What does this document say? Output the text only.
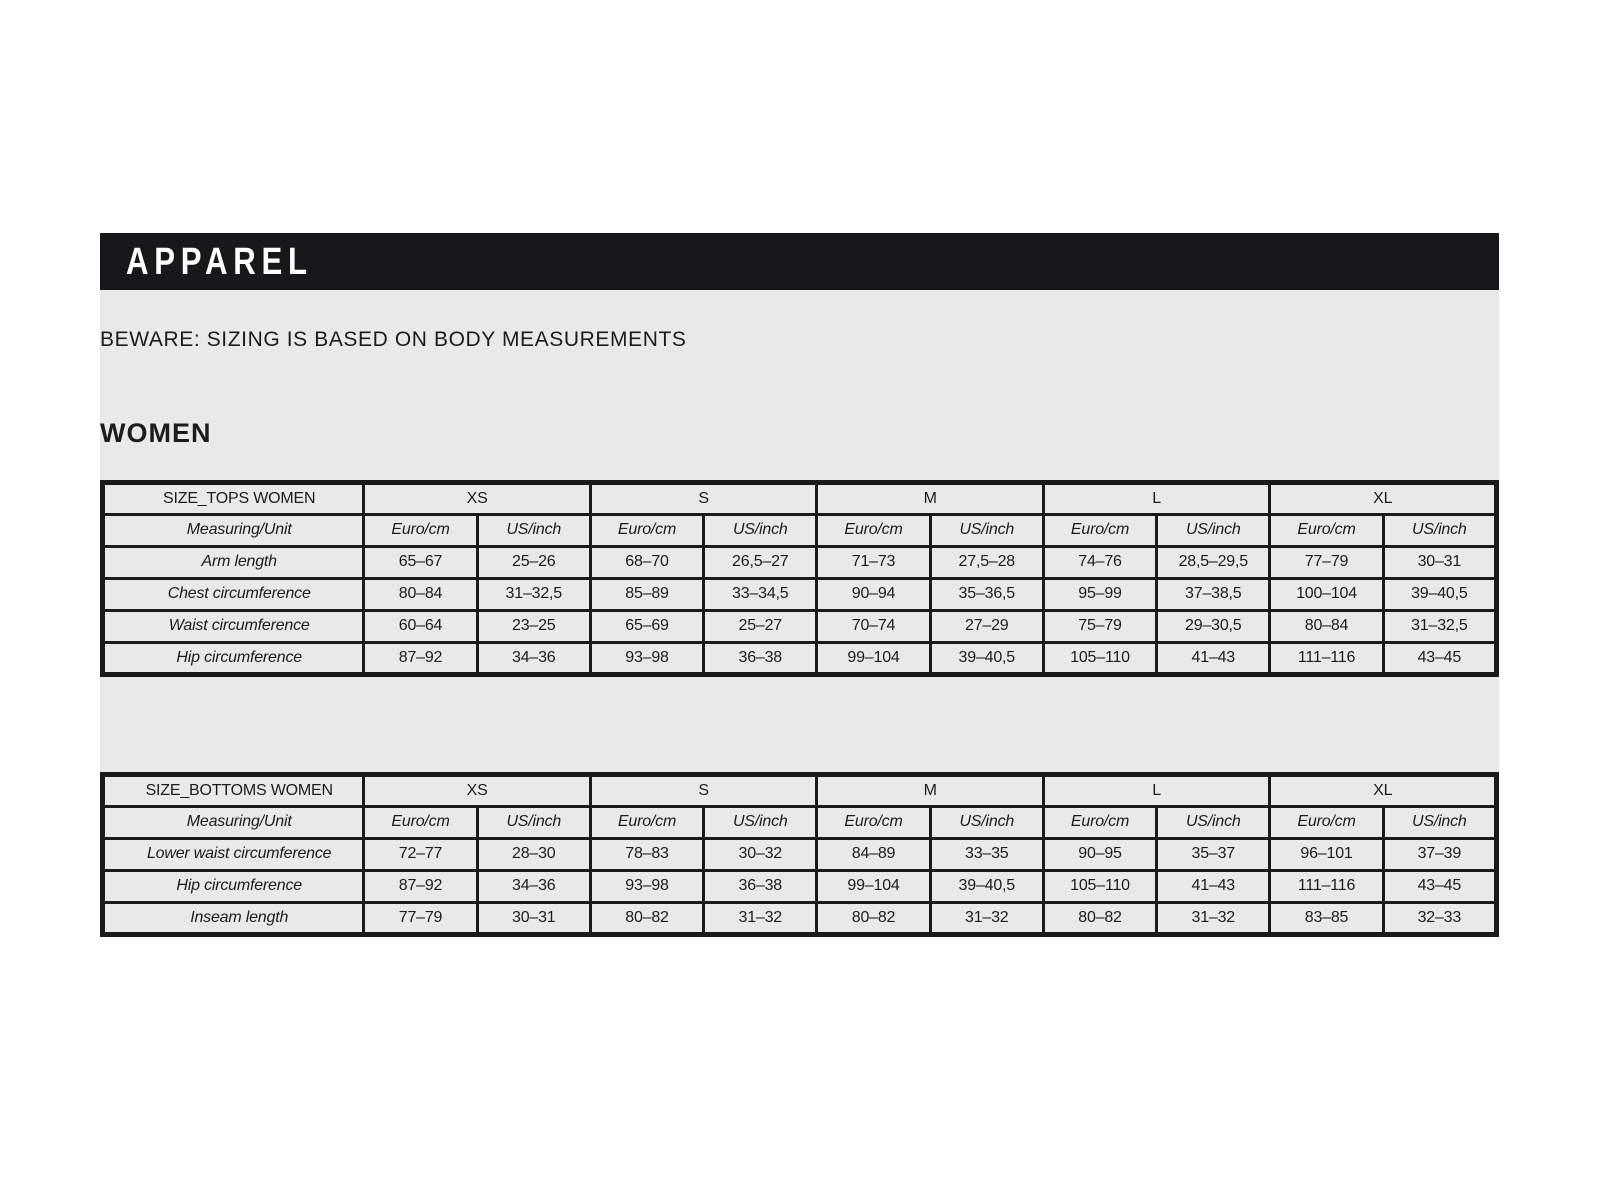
APPAREL

BEWARE: SIZING IS BASED ON BODY MEASUREMENTS

WOMEN
SIZE_TOPS WOMEN	XS		S		M		L		XL	
Measuring/Unit	Euro/cm	US/inch	Euro/cm	US/inch	Euro/cm	US/inch	Euro/cm	US/inch	Euro/cm	US/inch
Arm length	65–67	25–26	68–70	26,5–27	71–73	27,5–28	74–76	28,5–29,5	77–79	30–31
Chest circumference	80–84	31–32,5	85–89	33–34,5	90–94	35–36,5	95–99	37–38,5	100–104	39–40,5
Waist circumference	60–64	23–25	65–69	25–27	70–74	27–29	75–79	29–30,5	80–84	31–32,5
Hip circumference	87–92	34–36	93–98	36–38	99–104	39–40,5	105–110	41–43	111–116	43–45
SIZE_BOTTOMS WOMEN	XS		S		M		L		XL	
Measuring/Unit	Euro/cm	US/inch	Euro/cm	US/inch	Euro/cm	US/inch	Euro/cm	US/inch	Euro/cm	US/inch
Lower waist circumference	72–77	28–30	78–83	30–32	84–89	33–35	90–95	35–37	96–101	37–39
Hip circumference	87–92	34–36	93–98	36–38	99–104	39–40,5	105–110	41–43	111–116	43–45
Inseam length	77–79	30–31	80–82	31–32	80–82	31–32	80–82	31–32	83–85	32–33
